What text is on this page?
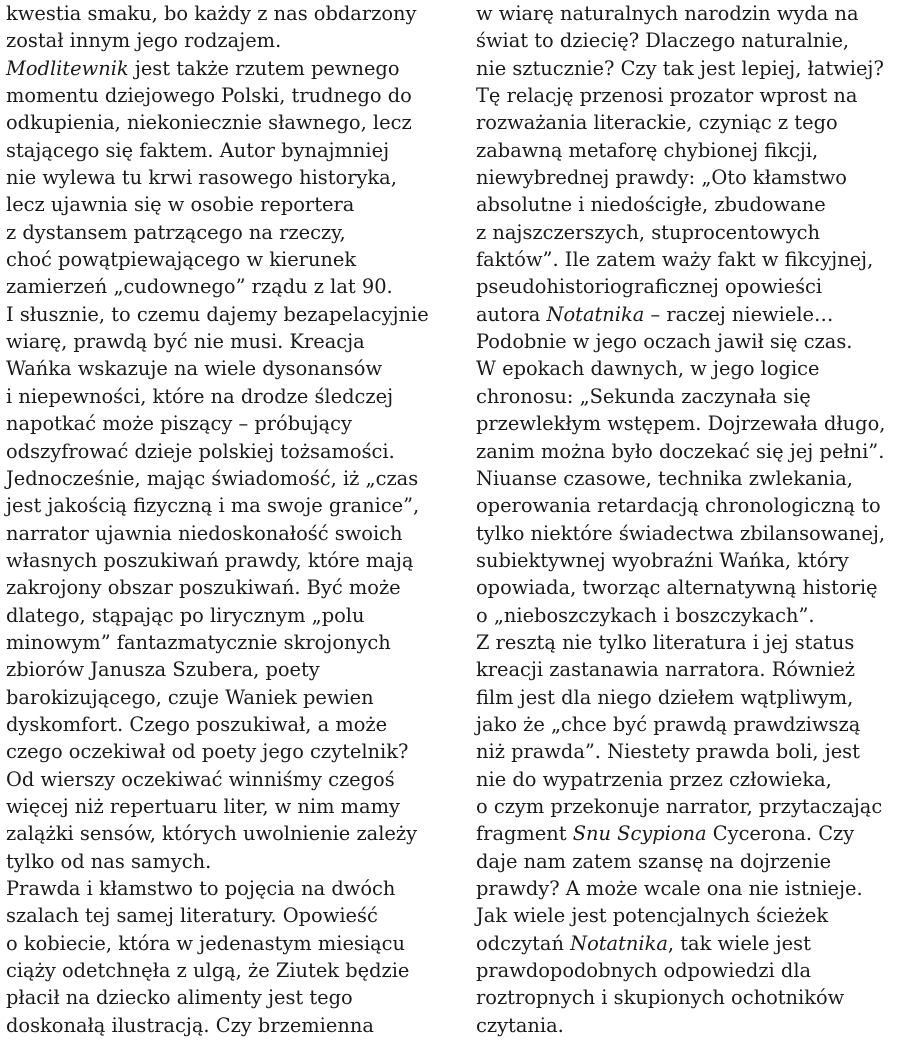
kwestia smaku, bo każdy z nas obdarzony
został innym jego rodzajem.
Modlitewnik jest także rzutem pewnego
momentu dziejowego Polski, trudnego do
odkupienia, niekoniecznie sławnego, lecz
stającego się faktem. Autor bynajmniej
nie wylewa tu krwi rasowego historyka,
lecz ujawnia się w osobie reportera
z dystansem patrzącego na rzeczy,
choć powątpiewającego w kierunek
zamierzeń „cudownego” rządu z lat 90.
I słusznie, to czemu dajemy bezapelacyjnie
wiarę, prawdą być nie musi. Kreacja
Wańka wskazuje na wiele dysonansów
i niepewności, które na drodze śledczej
napotkać może piszący – próbujący
odszyfrować dzieje polskiej tożsamości.
Jednocześnie, mając świadomość, iż „czas
jest jakością fizyczną i ma swoje granice”,
narrator ujawnia niedoskonałość swoich
własnych poszukiwań prawdy, które mają
zakrojony obszar poszukiwań. Być może
dlatego, stąpając po lirycznym „polu
minowym” fantazmatycznie skrojonych
zbiorów Janusza Szubera, poety
barokizującego, czuje Waniek pewien
dyskomfort. Czego poszukiwał, a może
czego oczekiwał od poety jego czytelnik?
Od wierszy oczekiwać winniśmy czegoś
więcej niż repertuaru liter, w nim mamy
zalążki sensów, których uwolnienie zależy
tylko od nas samych.
Prawda i kłamstwo to pojęcia na dwóch
szalach tej samej literatury. Opowieść
o kobiecie, która w jedenastym miesiącu
ciąży odetchnęła z ulgą, że Ziutek będzie
płacił na dziecko alimenty jest tego
doskonałą ilustracją. Czy brzemienna
w wiarę naturalnych narodzin wyda na
świat to dziecię? Dlaczego naturalnie,
nie sztucznie? Czy tak jest lepiej, łatwiej?
Tę relację przenosi prozator wprost na
rozważania literackie, czyniąc z tego
zabawną metaforę chybionej fikcji,
niewybrednej prawdy: „Oto kłamstwo
absolutne i niedościgłe, zbudowane
z najszczerszych, stuprocentowych
faktów”. Ile zatem waży fakt w fikcyjnej,
pseudohistoriograficznej opowieści
autora Notatnika – raczej niewiele…
Podobnie w jego oczach jawił się czas.
W epokach dawnych, w jego logice
chronosu: „Sekunda zaczynała się
przewlekłym wstępem. Dojrzewała długo,
zanim można było doczekać się jej pełni”.
Niuanse czasowe, technika zwlekania,
operowania retardacją chronologiczną to
tylko niektóre świadectwa zbilansowanej,
subiektywnej wyobraźni Wańka, który
opowiada, tworząc alternatywną historię
o „nieboszczykach i boszczykach”.
Z resztą nie tylko literatura i jej status
kreacji zastanawia narratora. Również
film jest dla niego dziełem wątpliwym,
jako że „chce być prawdą prawdziwszą
niż prawda”. Niestety prawda boli, jest
nie do wypatrzenia przez człowieka,
o czym przekonuje narrator, przytaczając
fragment Snu Scypiona Cycerona. Czy
daje nam zatem szansę na dojrzenie
prawdy? A może wcale ona nie istnieje.
Jak wiele jest potencjalnych ścieżek
odczytań Notatnika, tak wiele jest
prawdopodobnych odpowiedzi dla
roztropnych i skupionych ochotników
czytania.
